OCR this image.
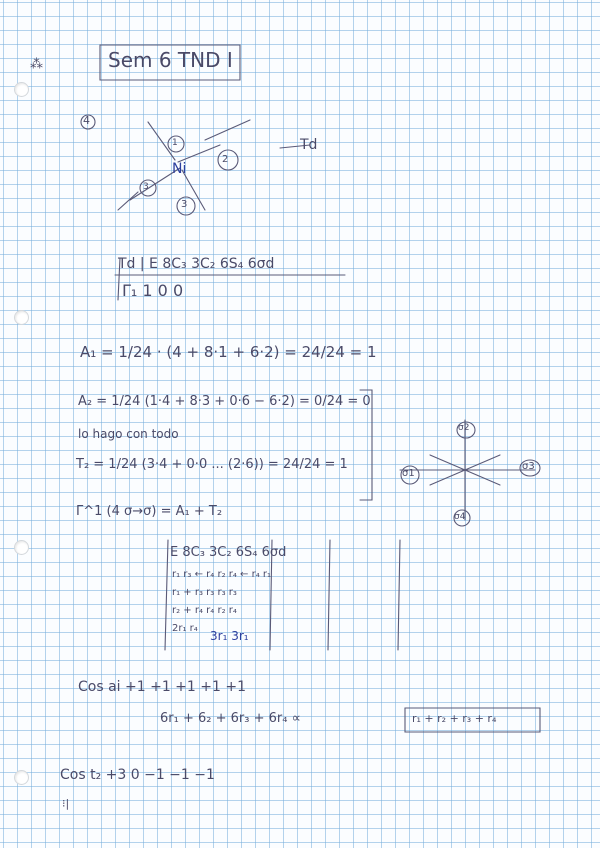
⁂	Sem 6 TND I
4
Ni
1
2
3
3
Td
Td | E 8C₃ 3C₂ 6S₄ 6σd
Γ₁ 1 0 0
A₁ = 1/24 · (4 + 8·1 + 6·2) = 24/24 = 1
A₂ = 1/24 (1·4 + 8·3 + 0·6 − 6·2) = 0/24 = 0
lo hago con todo
T₂ = 1/24 (3·4 + 0·0 ... (2·6)) = 24/24 = 1
Γ^1 (4 σ→σ) = A₁ + T₂
σ2
σ1
σ3
σ4
E 8C₃ 3C₂ 6S₄ 6σd
r₁ r₃ ← r₄ r₂ r₄ ← r₄ r₁
r₁ + r₃ r₃ r₃ r₃
r₂ + r₄ r₄ r₂ r₄
2r₁ r₄
3r₁ 3r₁
Cos ai +1 +1 +1 +1 +1
6r₁ + 6₂ + 6r₃ + 6r₄ ∝	r₁ + r₂ + r₃ + r₄
Cos t₂ +3 0 −1 −1 −1
⁝|
